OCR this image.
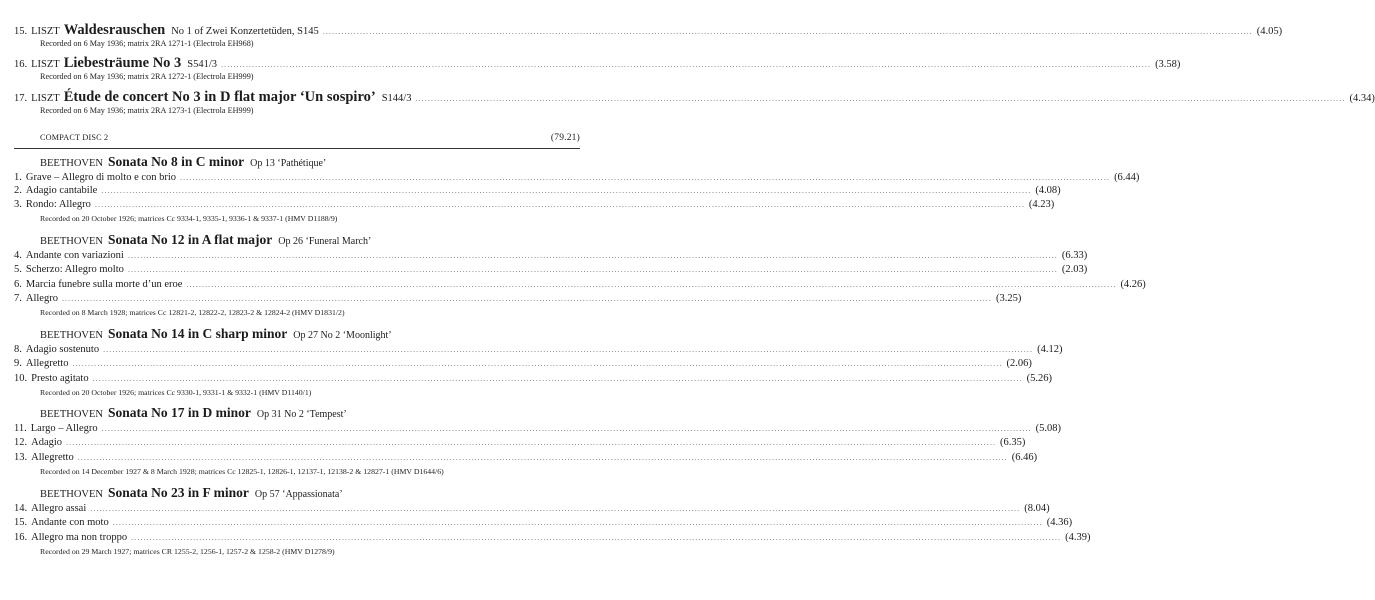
15. LISZT Waldesrauschen No 1 of Zwei Konzertetüden, S145 ............................................................................................................................................................................................................................................................................................................ (4.05)
Recorded on 6 May 1936; matrix 2RA 1271-1 (Electrola EH968)
16. LISZT Liebesträume No 3 S541/3 ............................................................................................................................................................................................................................................................................................................ (3.58)
Recorded on 6 May 1936; matrix 2RA 1272-1 (Electrola EH999)
17. LISZT Étude de concert No 3 in D flat major ‘Un sospiro’ S144/3 ............................................................................................................................................................................................................................................................................................................ (4.34)
Recorded on 6 May 1936; matrix 2RA 1273-1 (Electrola EH999)
COMPACT DISC 2	(79.21)
BEETHOVEN Sonata No 8 in C minor Op 13 ‘Pathétique’
1. Grave – Allegro di molto e con brio ............................................................................................................................................................................................................................................................................................................ (6.44)
2. Adagio cantabile ............................................................................................................................................................................................................................................................................................................ (4.08)
3. Rondo: Allegro ............................................................................................................................................................................................................................................................................................................ (4.23)
Recorded on 20 October 1926; matrices Cc 9334-1, 9335-1, 9336-1 & 9337-1 (HMV D1188/9)
BEETHOVEN Sonata No 12 in A flat major Op 26 ‘Funeral March’
4. Andante con variazioni ............................................................................................................................................................................................................................................................................................................ (6.33)
5. Scherzo: Allegro molto ............................................................................................................................................................................................................................................................................................................ (2.03)
6. Marcia funebre sulla morte d’un eroe ............................................................................................................................................................................................................................................................................................................ (4.26)
7. Allegro ............................................................................................................................................................................................................................................................................................................ (3.25)
Recorded on 8 March 1928; matrices Cc 12821-2, 12822-2, 12823-2 & 12824-2 (HMV D1831/2)
BEETHOVEN Sonata No 14 in C sharp minor Op 27 No 2 ‘Moonlight’
8. Adagio sostenuto ............................................................................................................................................................................................................................................................................................................ (4.12)
9. Allegretto ............................................................................................................................................................................................................................................................................................................ (2.06)
10. Presto agitato ............................................................................................................................................................................................................................................................................................................ (5.26)
Recorded on 20 October 1926; matrices Cc 9330-1, 9331-1 & 9332-1 (HMV D1140/1)
BEETHOVEN Sonata No 17 in D minor Op 31 No 2 ‘Tempest’
11. Largo – Allegro ............................................................................................................................................................................................................................................................................................................ (5.08)
12. Adagio ............................................................................................................................................................................................................................................................................................................ (6.35)
13. Allegretto ............................................................................................................................................................................................................................................................................................................ (6.46)
Recorded on 14 December 1927 & 8 March 1928; matrices Cc 12825-1, 12826-1, 12137-1, 12138-2 & 12827-1 (HMV D1644/6)
BEETHOVEN Sonata No 23 in F minor Op 57 ‘Appassionata’
14. Allegro assai ............................................................................................................................................................................................................................................................................................................ (8.04)
15. Andante con moto ............................................................................................................................................................................................................................................................................................................ (4.36)
16. Allegro ma non troppo ............................................................................................................................................................................................................................................................................................................ (4.39)
Recorded on 29 March 1927; matrices CR 1255-2, 1256-1, 1257-2 & 1258-2 (HMV D1278/9)
